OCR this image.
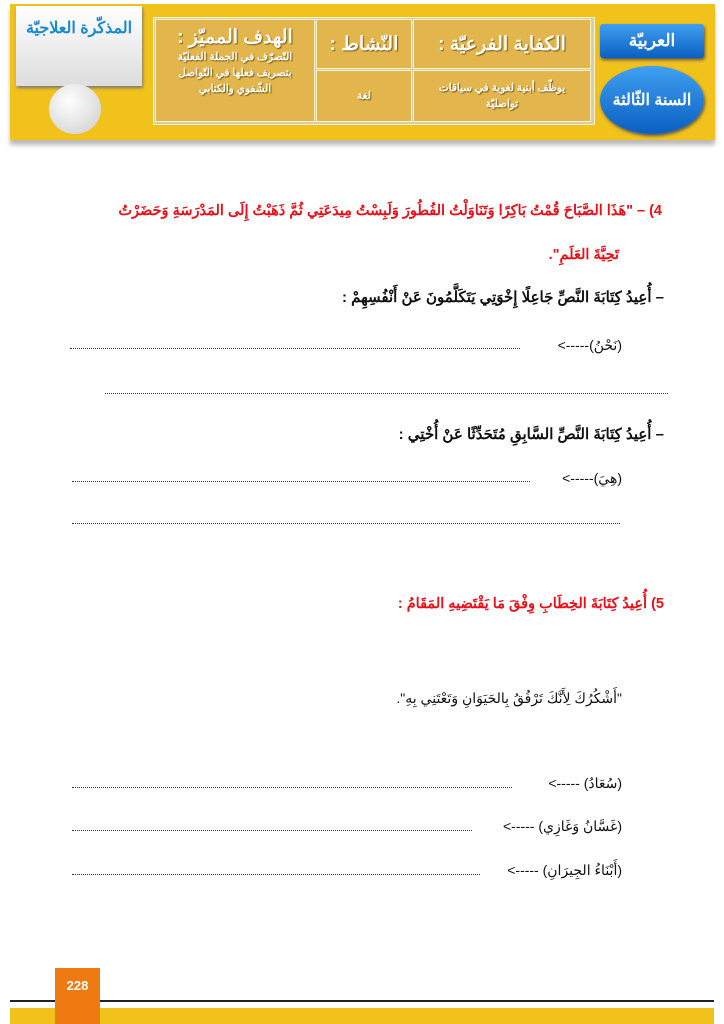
العربيّة
السنة الثّالثة
الكفاية الفرعيّة :
يوظّف أبنية لغوية في سياقات تواصليّة
النّشاط :
لغة
الهدف المميّز :
التّصرّف في الجملة الفعليّة بتصريف فعلها في التّواصل الشّفوي والكتابي
المذكّرة العلاجيّة
4) – "هَذَا الصَّبَاحَ قُمْتُ بَاكِرًا وَتَنَاوَلْتُ الفُطُورَ وَلَبِسْتُ مِيدَعَتِي ثُمَّ ذَهَبْتُ إِلَى المَدْرَسَةِ وَحَضَرْتُ
تَحِيَّةَ العَلَمِ".
– أُعِيدُ كِتَابَةَ النَّصِّ جَاعِلًا إِخْوَتِي يَتَكَلَّمُونَ عَنْ أَنْفُسِهِمْ :
(نَحْنُ)----->
– أُعِيدُ كِتَابَةَ النَّصِّ السَّابِقِ مُتَحَدِّثًا عَنْ أُخْتِي :
(هِيَ)----->
5) أُعِيدُ كِتَابَةَ الخِطَابِ وِفْقَ مَا يَقْتَضِيهِ المَقَامُ :
"أَشْكُرُكَ لِأَنَّكَ تَرْفُقُ بِالحَيَوَانِ وَتَعْتَنِي بِهِ".
(سُعَادُ) ----->
(غَسَّانُ وَغَازِي) ----->
(أَبْنَاءُ الجِيرَانِ) ----->
228
